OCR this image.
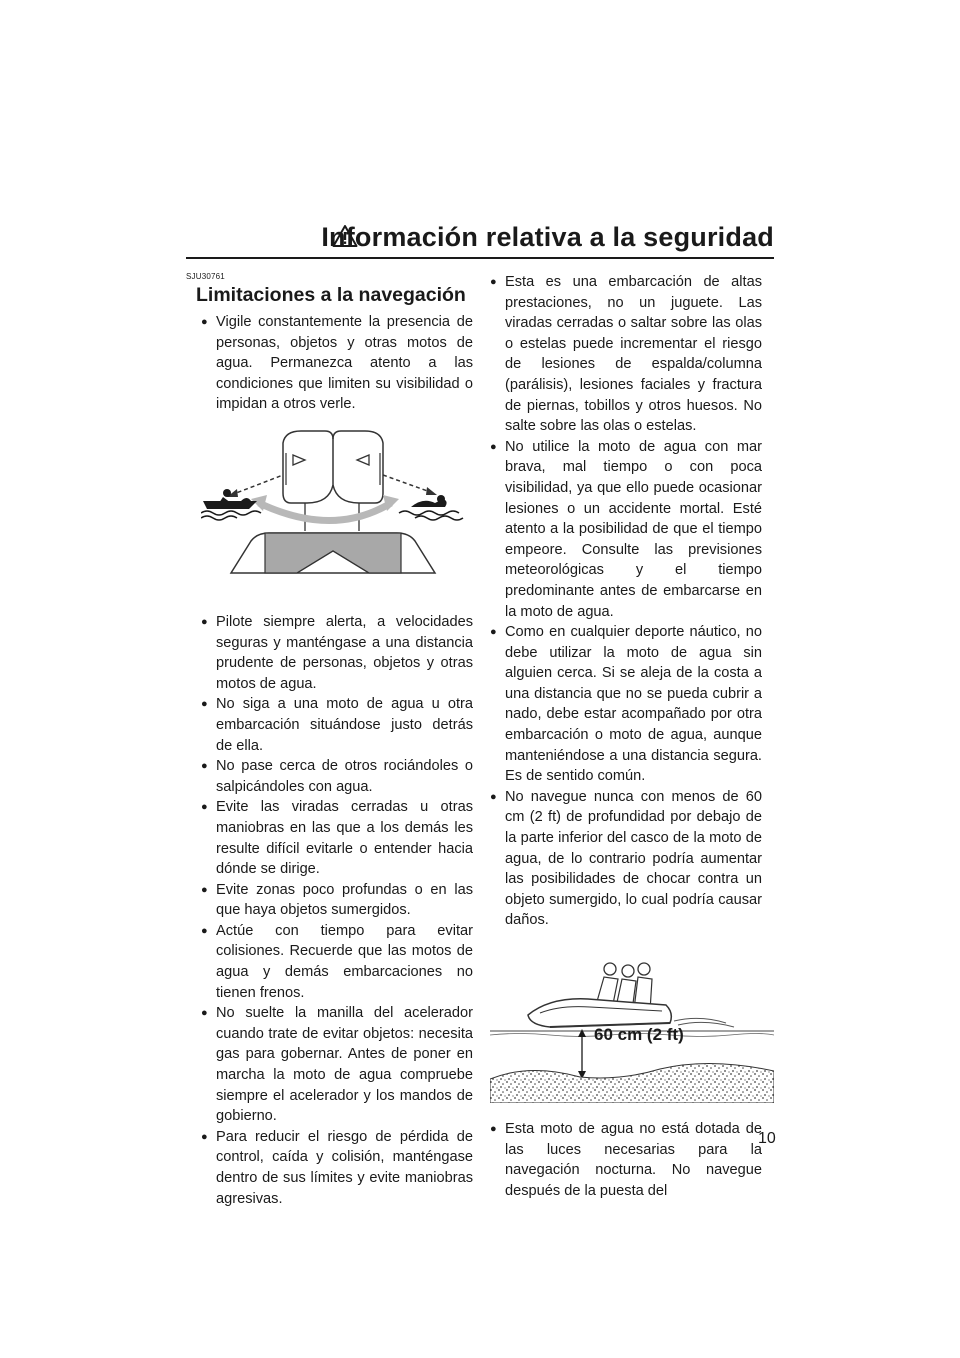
Información relativa a la seguridad
SJU30761
Limitaciones a la navegación

● Vigile constantemente la presencia de personas, objetos y otras motos de agua. Permanezca atento a las condiciones que limiten su visibilidad o impidan a otros verle.

● Pilote siempre alerta, a velocidades seguras y manténgase a una distancia prudente de personas, objetos y otras motos de agua.

● No siga a una moto de agua u otra embarcación situándose justo detrás de ella.

● No pase cerca de otros rociándoles o salpicándoles con agua.

● Evite las viradas cerradas u otras maniobras en las que a los demás les resulte difícil evitarle o entender hacia dónde se dirige.

● Evite zonas poco profundas o en las que haya objetos sumergidos.

● Actúe con tiempo para evitar colisiones. Recuerde que las motos de agua y demás embarcaciones no tienen frenos.

● No suelte la manilla del acelerador cuando trate de evitar objetos: necesita gas para gobernar. Antes de poner en marcha la moto de agua compruebe siempre el acelerador y los mandos de gobierno.

● Para reducir el riesgo de pérdida de control, caída y colisión, manténgase dentro de sus límites y evite maniobras agresivas.

● Esta es una embarcación de altas prestaciones, no un juguete. Las viradas cerradas o saltar sobre las olas o estelas puede incrementar el riesgo de lesiones de espalda/columna (parálisis), lesiones faciales y fractura de piernas, tobillos y otros huesos. No salte sobre las olas o estelas.

● No utilice la moto de agua con mar brava, mal tiempo o con poca visibilidad, ya que ello puede ocasionar lesiones o un accidente mortal. Esté atento a la posibilidad de que el tiempo empeore. Consulte las previsiones meteorológicas y el tiempo predominante antes de embarcarse en la moto de agua.

● Como en cualquier deporte náutico, no debe utilizar la moto de agua sin alguien cerca. Si se aleja de la costa a una distancia que no se pueda cubrir a nado, debe estar acompañado por otra embarcación o moto de agua, aunque manteniéndose a una distancia segura. Es de sentido común.

● No navegue nunca con menos de 60 cm (2 ft) de profundidad por debajo de la parte inferior del casco de la moto de agua, de lo contrario podría aumentar las posibilidades de chocar contra un objeto sumergido, lo cual podría causar daños.

60 cm (2 ft)

● Esta moto de agua no está dotada de las luces necesarias para la navegación nocturna. No navegue después de la puesta del

10
